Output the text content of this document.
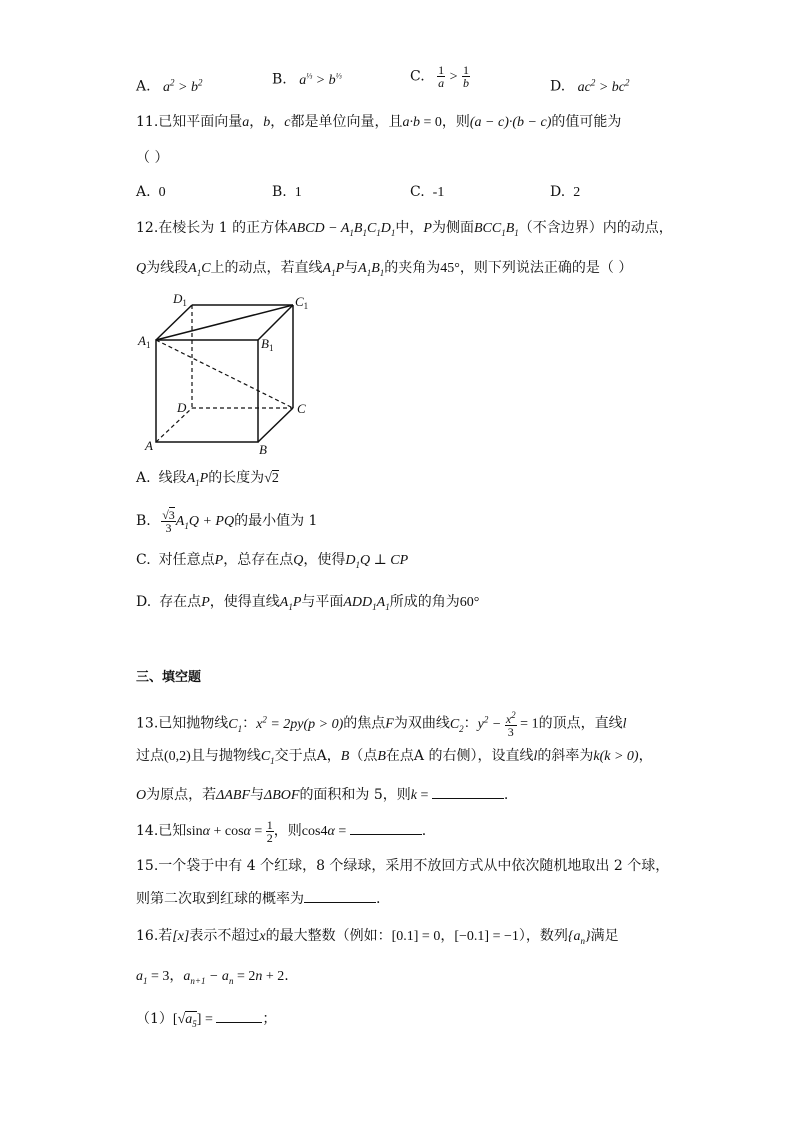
A. $a^2 > b^2$	B. $a^{\frac{1}{3}} > b^{\frac{1}{3}}$	C. $\frac{1}{a} > \frac{1}{b}$	D. $ac^2 > bc^2$
11.已知平面向量a，b，c都是单位向量，且a·b = 0，则(a − c)·(b − c)的值可能为
（ ）
A. 0	B. 1	C. -1	D. 2
12.在棱长为 1 的正方体ABCD − $A_1B_1C_1D_1$中，P为侧面$BCC_1B_1$（不含边界）内的动点，
Q为线段$A_1C$上的动点，若直线$A_1P$与$A_1B_1$的夹角为45°，则下列说法正确的是（ ）
$D_1$	$C_1$
$A_1$	$B_1$
D	C
A	B
A. 线段$A_1P$的长度为√2
B. $\frac{√3}{3} A_1Q$ + PQ的最小值为 1
C. 对任意点P，总存在点Q，使得$D_1Q$ ⊥ CP
D. 存在点P，使得直线$A_1P$与平面$ADD_1A_1$所成的角为60°
三、填空题
13.已知抛物线$C_1$：$x^2 = 2py(p > 0)$的焦点F为双曲线$C_2$：$y^2 - \frac{x^2}{3} = 1$的顶点，直线l
过点(0,2)且与抛物线$C_1$交于点A，B（点B在点A 的右侧），设直线l的斜率为k(k > 0)，
O为原点，若ΔABF与ΔBOF的面积和为 5，则k =	.
14.已知$\sin\alpha + \cos\alpha = \frac{1}{2}$ ，则cos4α =	.
15.一个袋于中有 4 个红球，8 个绿球，采用不放回方式从中依次随机地取出 2 个球，
则第二次取到红球的概率为	.
16.若[x]表示不超过x的最大整数（例如：[0.1] = 0，[−0.1] = −1），数列$\{a_n\}$满足
$a_1 = 3$，$a_{n+1} - a_n = 2n + 2$.
$(1)[√a_5]$ =	；
